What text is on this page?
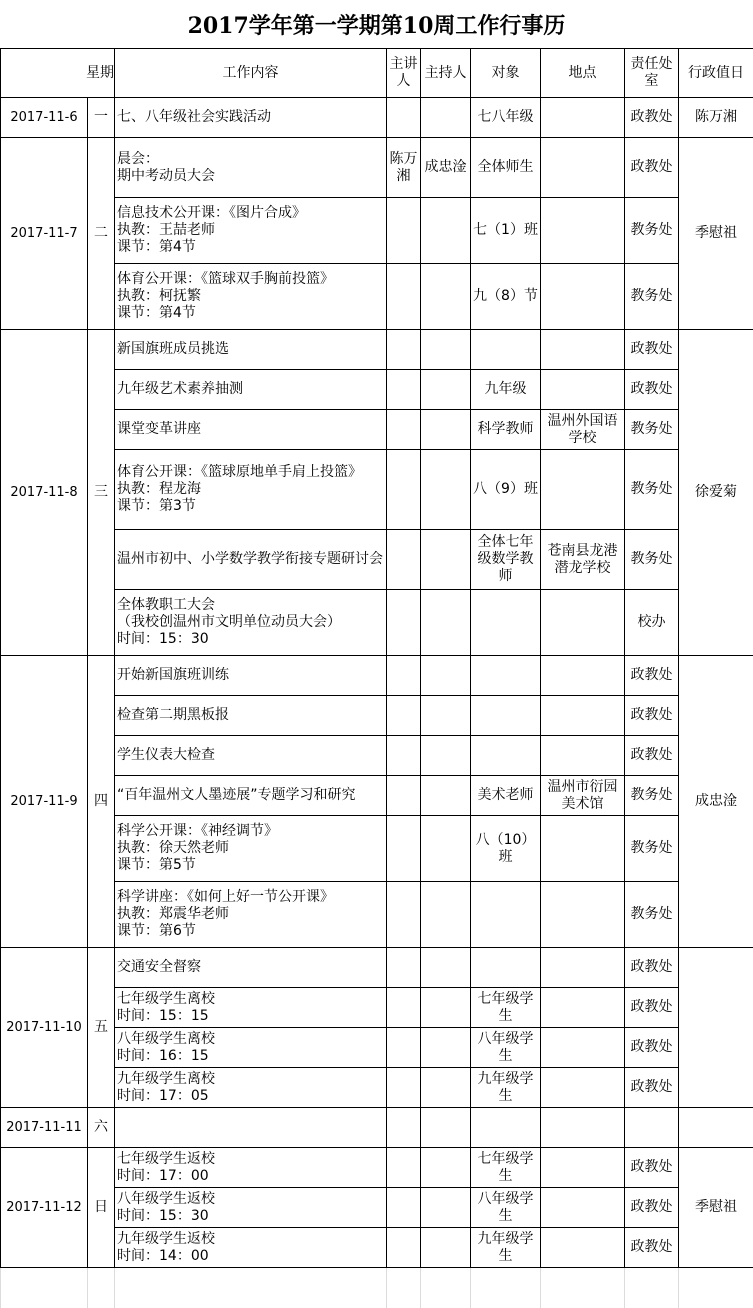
2017学年第一学期第10周工作行事历
星期		工作内容	主讲人	主持人	对象	地点	责任处室	行政值日
2017-11-6	一	七、八年级社会实践活动			七八年级		政教处	陈万湘
2017-11-7	二	晨会：
期中考动员大会	陈万湘	成忠淦	全体师生		政教处	季慰祖
		信息技术公开课：《图片合成》
执教：王喆老师
课节：第4节			七（1）班		教务处	
		体育公开课：《篮球双手胸前投篮》
执教：柯抚繁
课节：第4节			九（8）节		教务处	
2017-11-8	三	新国旗班成员挑选					政教处	徐爱菊
		九年级艺术素养抽测			九年级		政教处	
		课堂变革讲座			科学教师	温州外国语学校	教务处	
		体育公开课：《篮球原地单手肩上投篮》
执教：程龙海
课节：第3节			八（9）班		教务处	
		温州市初中、小学数学教学衔接专题研讨会			全体七年级数学教师	苍南县龙港潜龙学校	教务处	
		全体教职工大会
（我校创温州市文明单位动员大会）
时间：15：30					校办	
2017-11-9	四	开始新国旗班训练					政教处	成忠淦
		检查第二期黑板报					政教处	
		学生仪表大检查					政教处	
		“百年温州文人墨迹展”专题学习和研究			美术老师	温州市衍园美术馆	教务处	
		科学公开课：《神经调节》
执教：徐天然老师
课节：第5节			八（10）班		教务处	
		科学讲座：《如何上好一节公开课》
执教：郑震华老师
课节：第6节					教务处	
2017-11-10	五	交通安全督察					政教处	
		七年级学生离校
时间：15：15			七年级学生		政教处	
		八年级学生离校
时间：16：15			八年级学生		政教处	
		九年级学生离校
时间：17：05			九年级学生		政教处	
2017-11-11	六							
2017-11-12	日	七年级学生返校
时间：17：00			七年级学生		政教处	季慰祖
		八年级学生返校
时间：15：30			八年级学生		政教处	
		九年级学生返校
时间：14：00			九年级学生		政教处	
